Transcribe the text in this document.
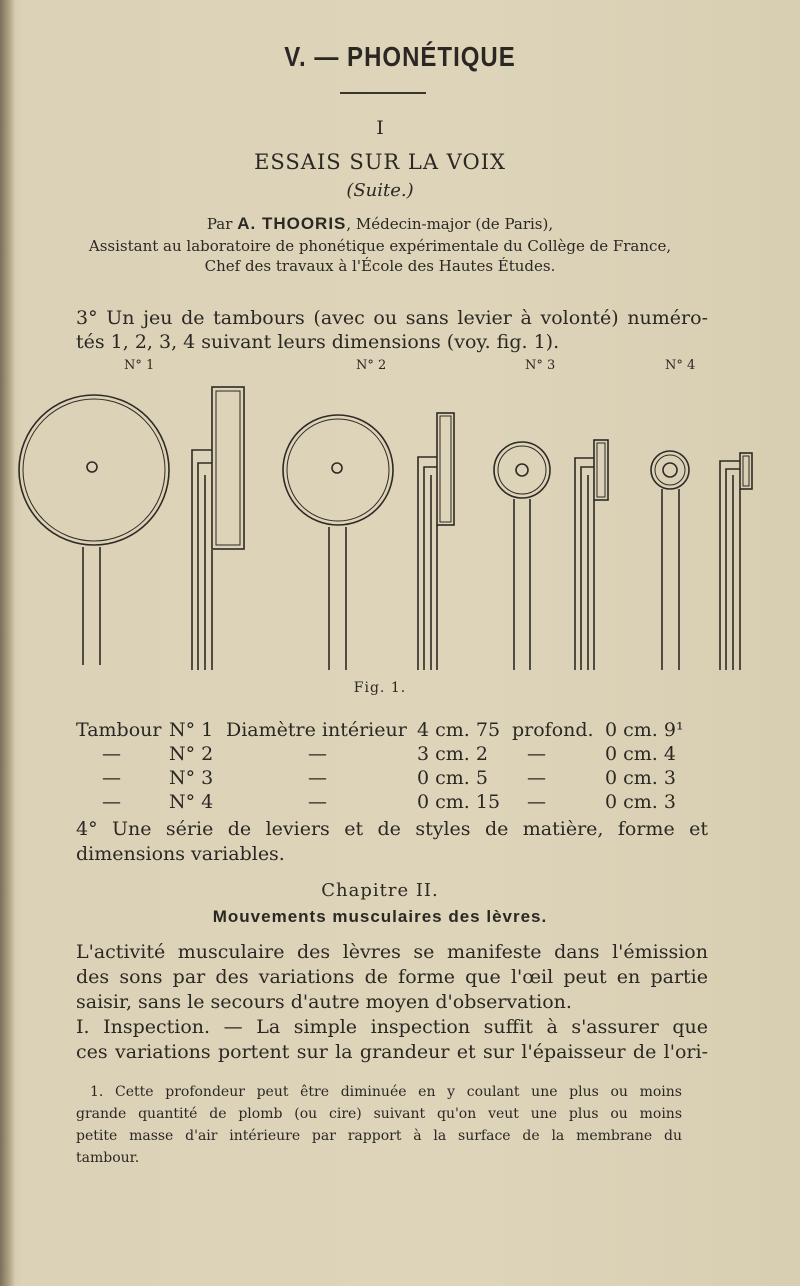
V. — PHONÉTIQUE
I
ESSAIS SUR LA VOIX
(Suite.)
Par A. THOORIS, Médecin-major (de Paris),
Assistant au laboratoire de phonétique expérimentale du Collège de France,
Chef des travaux à l'École des Hautes Études.
3° Un jeu de tambours (avec ou sans levier à volonté) numéro-
tés 1, 2, 3, 4 suivant leurs dimensions (voy. fig. 1).
N° 1	N° 2	N° 3	N° 4
Fig. 1.
Tambour N° 1 Diamètre intérieur 4 cm. 75 profond. 0 cm. 9¹
—	N° 2	—	3 cm. 2 —	0 cm. 4
—	N° 3	—	0 cm. 5 —	0 cm. 3
—	N° 4	—	0 cm. 15 —	0 cm. 3
4° Une série de leviers et de styles de matière, forme et
dimensions variables.
Chapitre II.
Mouvements musculaires des lèvres.
L'activité musculaire des lèvres se manifeste dans l'émission
des sons par des variations de forme que l'œil peut en partie
saisir, sans le secours d'autre moyen d'observation.
I. Inspection. — La simple inspection suffit à s'assurer que
ces variations portent sur la grandeur et sur l'épaisseur de l'ori-
1. Cette profondeur peut être diminuée en y coulant une plus ou moins
grande quantité de plomb (ou cire) suivant qu'on veut une plus ou moins
petite masse d'air intérieure par rapport à la surface de la membrane du
tambour.
